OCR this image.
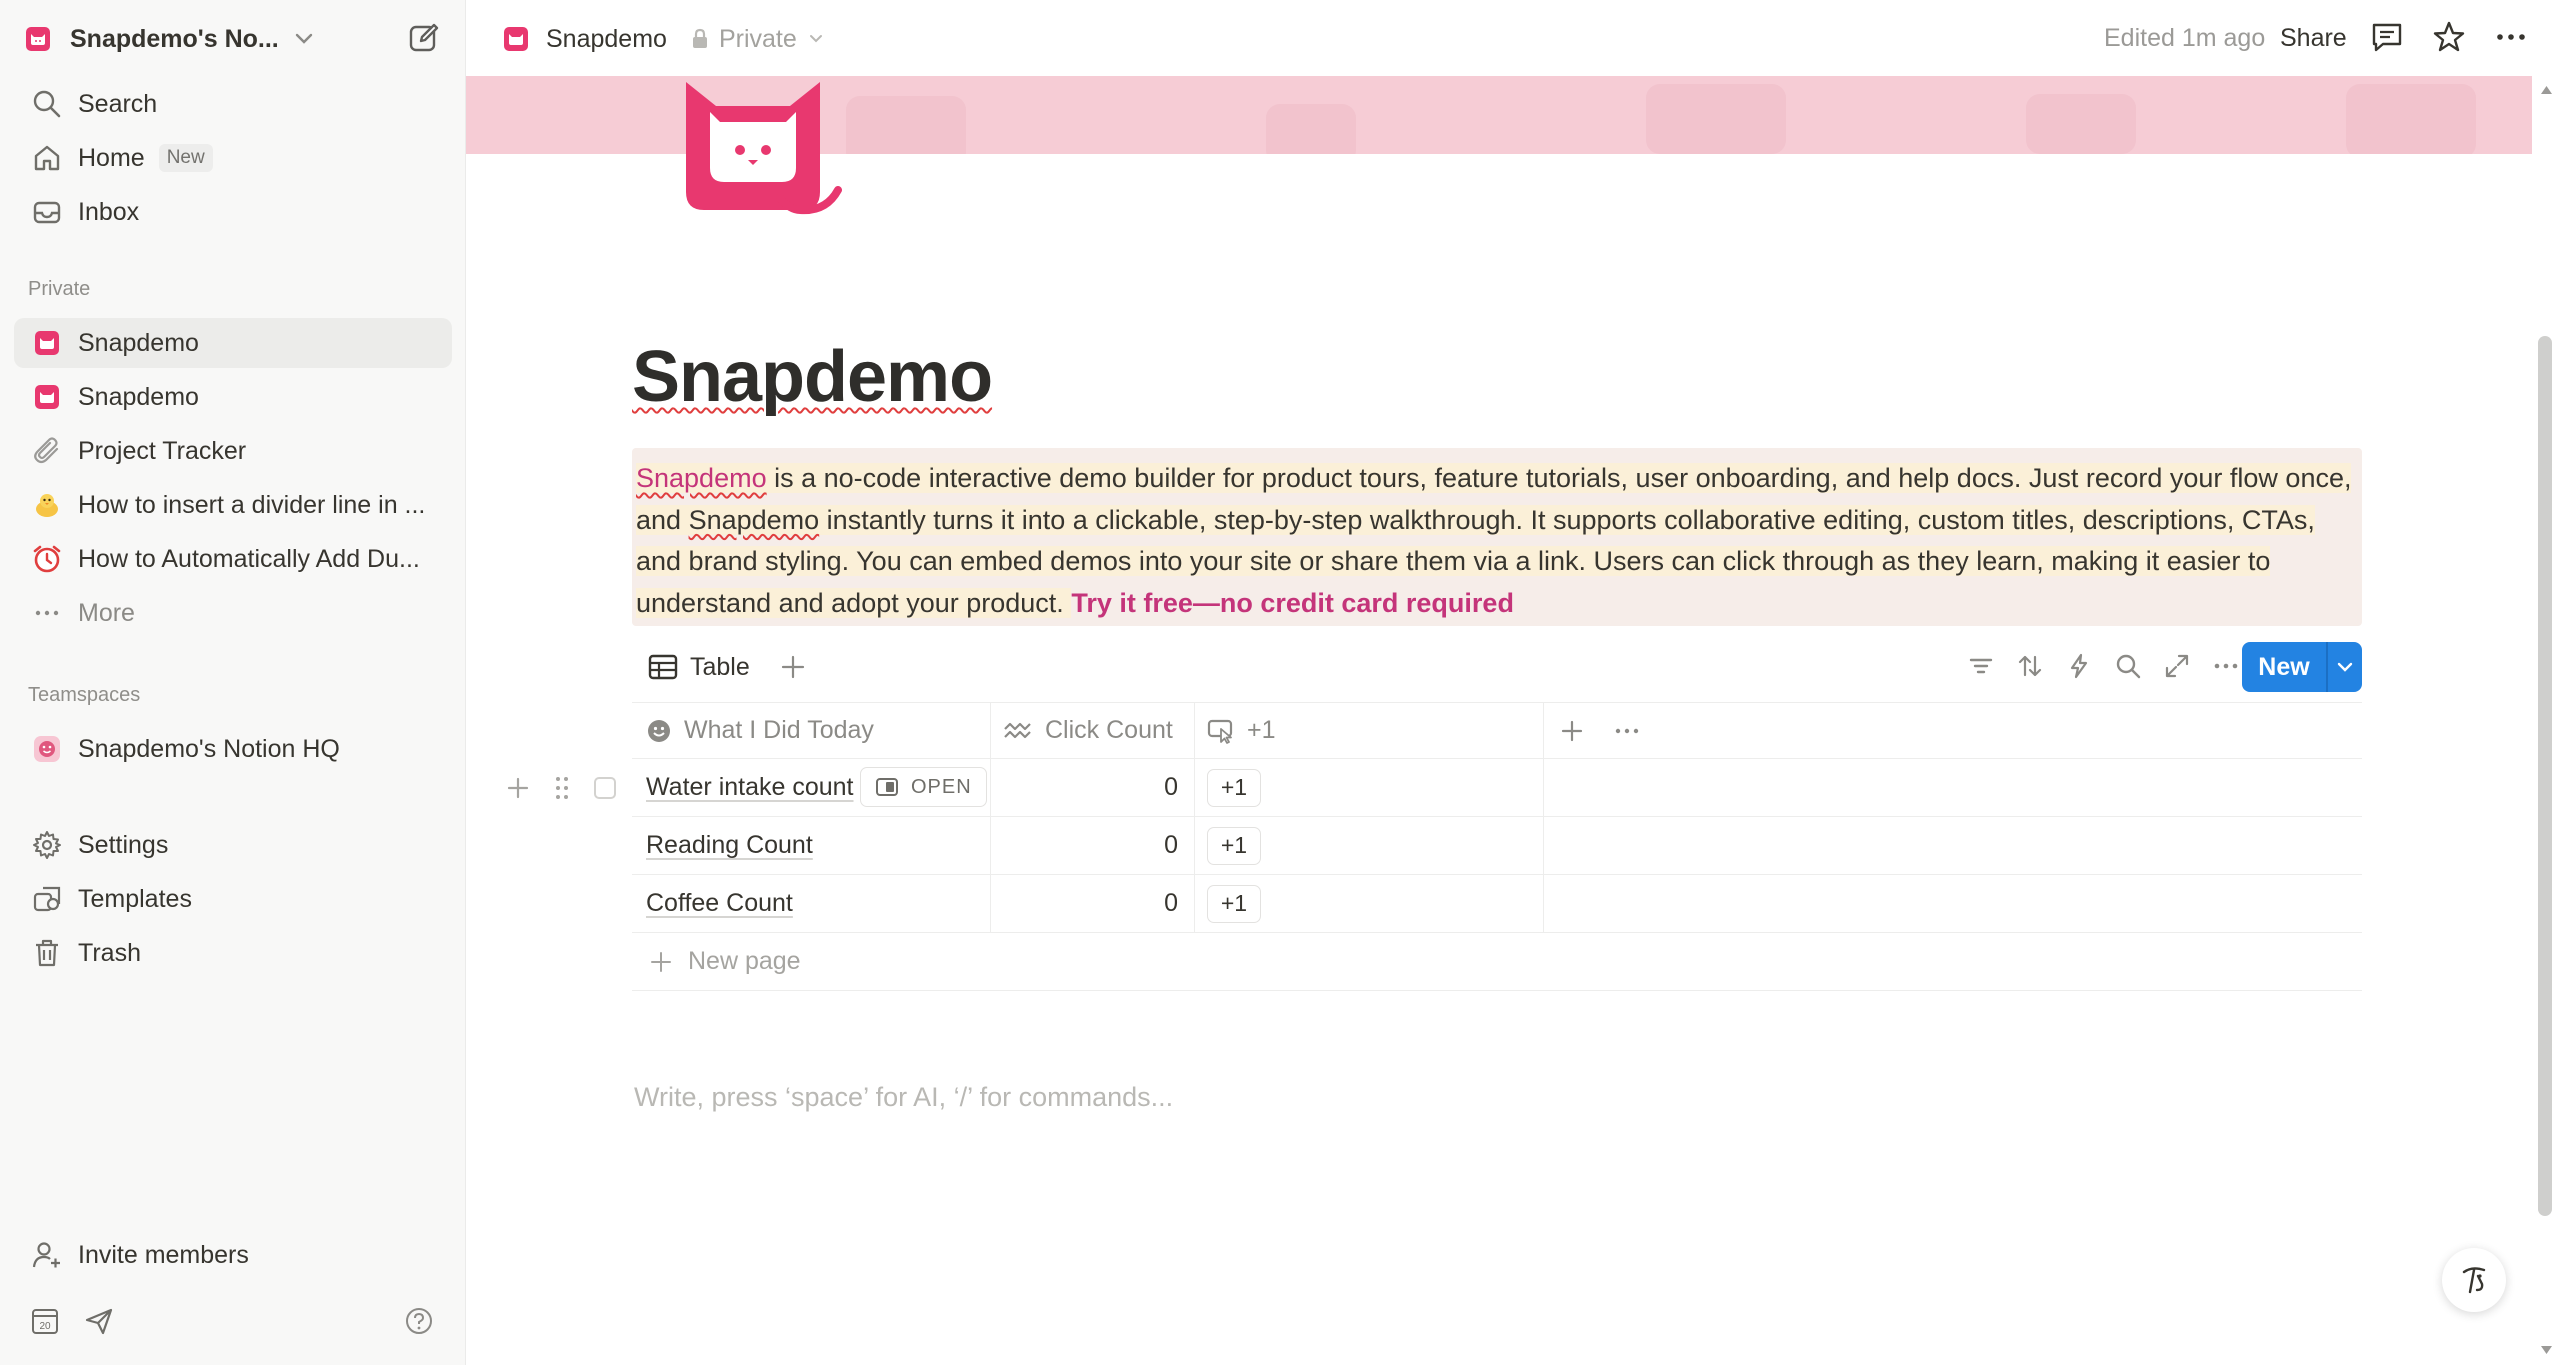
Snapdemo's No...
Search
Home	New
Inbox
Private
Snapdemo
Snapdemo
Project Tracker
How to insert a divider line in ...
How to Automatically Add Du...
More
Teamspaces
Snapdemo's Notion HQ
Settings
Templates
Trash
Invite members
20
Snapdemo Private	Edited 1m ago Share
Snapdemo

Snapdemo is a no-code interactive demo builder for product tours, feature tutorials, user onboarding, and help docs. Just record your flow once, and Snapdemo instantly turns it into a clickable, step-by-step walkthrough. It supports collaborative editing, custom titles, descriptions, CTAs, and brand styling. You can embed demos into your site or share them via a link. Users can click through as they learn, making it easier to understand and adopt your product. Try it free—no credit card required

Table	New
What I Did Today	Click Count	+1
Water intake count	OPEN	0	+1
Reading Count	0	+1
Coffee Count	0	+1
New page
Write, press ‘space’ for AI, ‘/’ for commands...
